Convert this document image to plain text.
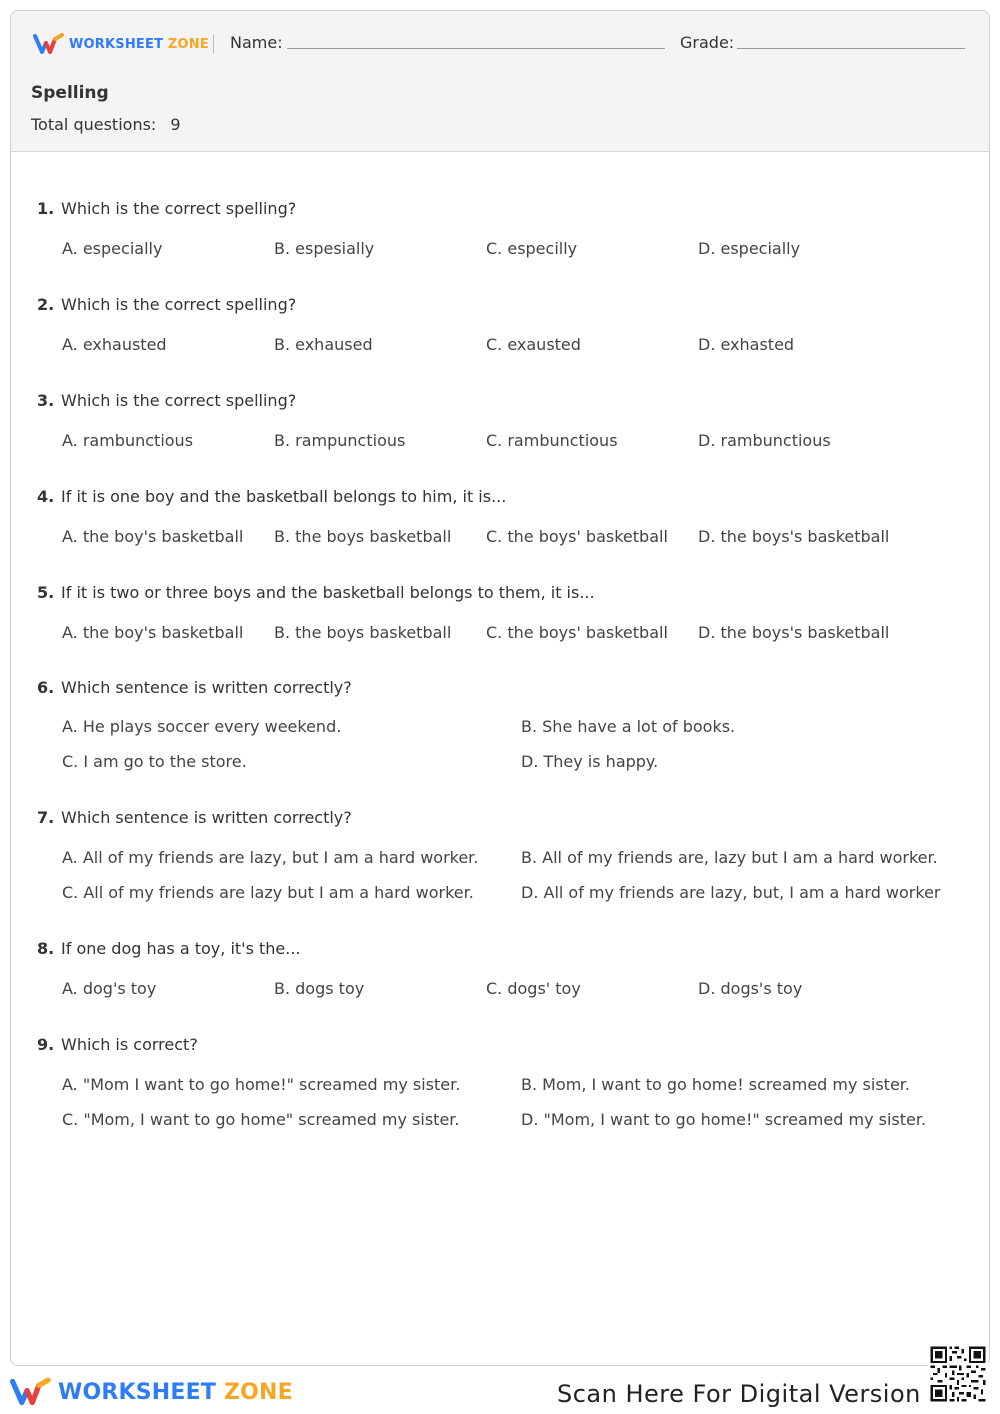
WORKSHEET ZONE Name:	Grade:
Spelling
Total questions: 9
1. Which is the correct spelling?
A. especially	B. espesially	C. especilly	D. especially
2. Which is the correct spelling?
A. exhausted	B. exhaused	C. exausted	D. exhasted
3. Which is the correct spelling?
A. rambunctious	B. rampunctious	C. rambunctious	D. rambunctious
4. If it is one boy and the basketball belongs to him, it is...
A. the boy's basketball B. the boys basketball C. the boys' basketball D. the boys's basketball
5. If it is two or three boys and the basketball belongs to them, it is...
A. the boy's basketball B. the boys basketball C. the boys' basketball D. the boys's basketball
6. Which sentence is written correctly?
A. He plays soccer every weekend.	B. She have a lot of books.
C. I am go to the store.	D. They is happy.
7. Which sentence is written correctly?
A. All of my friends are lazy, but I am a hard worker.	B. All of my friends are, lazy but I am a hard worker.
C. All of my friends are lazy but I am a hard worker.	D. All of my friends are lazy, but, I am a hard worker
8. If one dog has a toy, it's the...
A. dog's toy	B. dogs toy	C. dogs' toy	D. dogs's toy
9. Which is correct?
A. "Mom I want to go home!" screamed my sister.	B. Mom, I want to go home! screamed my sister.
C. "Mom, I want to go home" screamed my sister.	D. "Mom, I want to go home!" screamed my sister.
WORKSHEET ZONE	Scan Here For Digital Version
